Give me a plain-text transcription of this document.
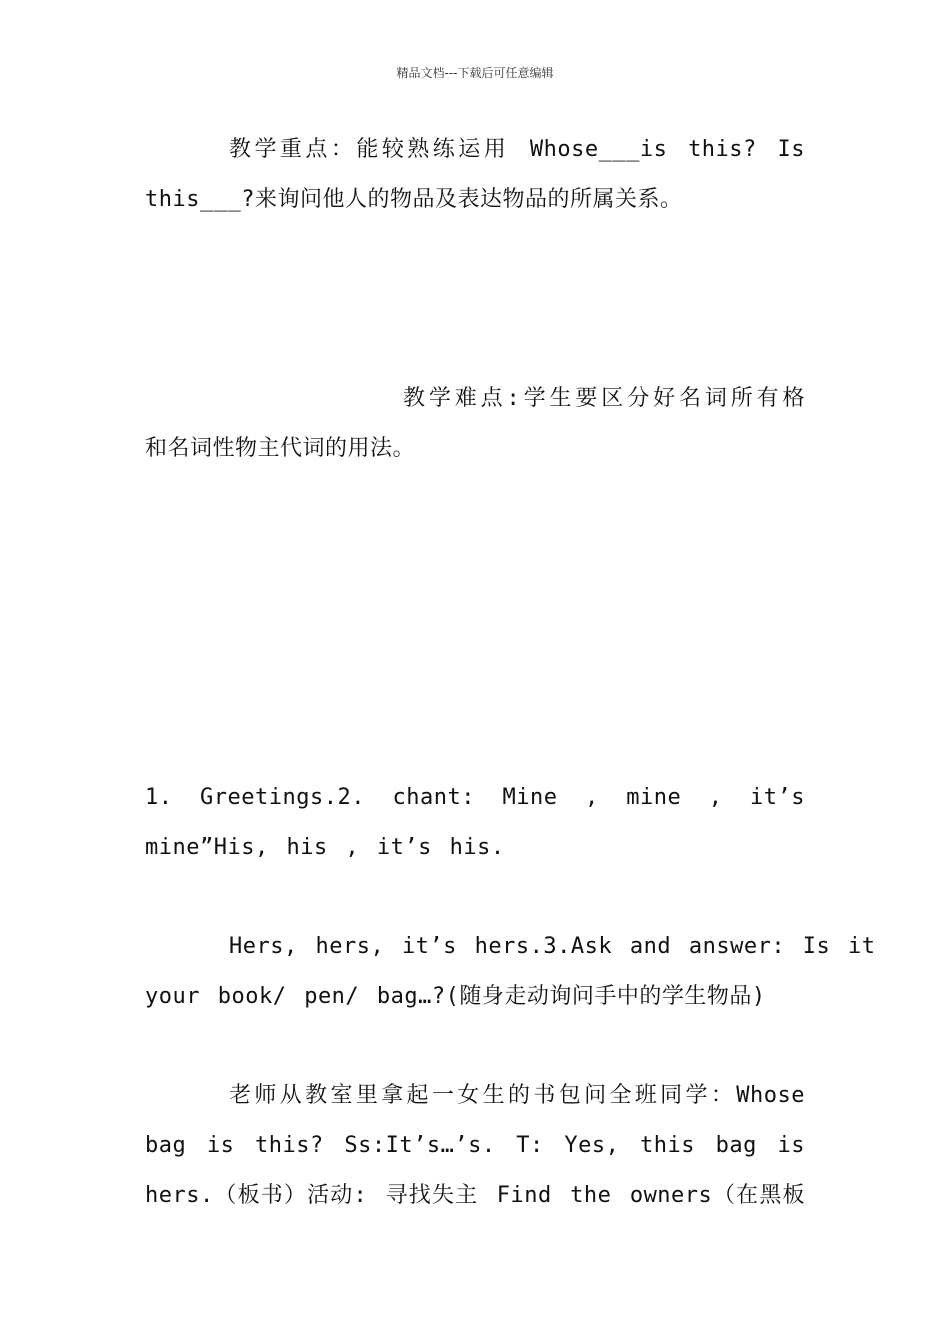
精品文档---下载后可任意编辑
教学重点：能较熟练运用 Whose___is this? Is
this___?来询问他人的物品及表达物品的所属关系。
教学难点:学生要区分好名词所有格
和名词性物主代词的用法。
1. Greetings.2. chant: Mine , mine , it’s
mine”His, his , it’s his.
Hers, hers, it’s hers.3.Ask and answer: Is it
your book/ pen/ bag…?(随身走动询问手中的学生物品)
老师从教室里拿起一女生的书包问全班同学：Whose
bag is this? Ss:It’s…’s. T: Yes, this bag is
hers.（板书）活动: 寻找失主 Find the owners（在黑板
